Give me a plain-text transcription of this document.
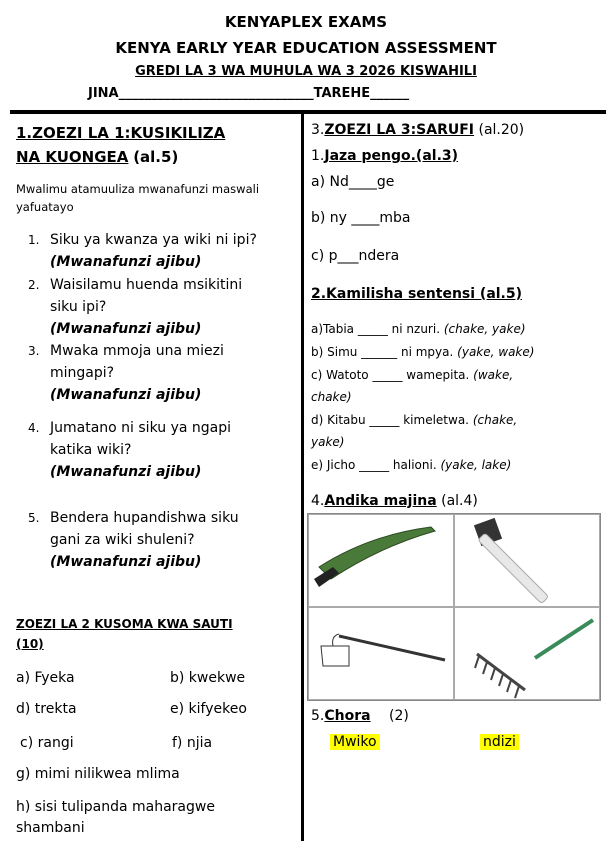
KENYAPLEX EXAMS
KENYA EARLY YEAR EDUCATION ASSESSMENT
GREDI LA 3 WA MUHULA WA 3 2026 KISWAHILI
JINA______________________________TAREHE______
1.ZOEZI LA 1:KUSIKILIZA
NA KUONGEA (al.5)
Mwalimu atamuuliza mwanafunzi maswali
yafuatayo
1. Siku ya kwanza ya wiki ni ipi?
(Mwanafunzi ajibu)
2. Waisilamu huenda msikitini
siku ipi?
(Mwanafunzi ajibu)
3. Mwaka mmoja una miezi
mingapi?
(Mwanafunzi ajibu)
4. Jumatano ni siku ya ngapi
katika wiki?
(Mwanafunzi ajibu)
5. Bendera hupandishwa siku
gani za wiki shuleni?
(Mwanafunzi ajibu)
ZOEZI LA 2 KUSOMA KWA SAUTI
(10)
a) Fyeka	b) kwekwe
d) trekta	e) kifyekeo
c) rangi	f) njia
g) mimi nilikwea mlima
h) sisi tulipanda maharagwe
shambani
3.ZOEZI LA 3:SARUFI (al.20)
1.Jaza pengo.(al.3)
a) Nd____ge
b) ny ____mba
c) p___ndera
2.Kamilisha sentensi (al.5)
a)Tabia _____ ni nzuri. (chake, yake)
b) Simu ______ ni mpya. (yake, wake)
c) Watoto _____ wamepita. (wake,
chake)
d) Kitabu _____ kimeletwa. (chake,
yake)
e) Jicho _____ halioni. (yake, lake)
4.Andika majina (al.4)
5.Chora (2)
Mwiko	ndizi
